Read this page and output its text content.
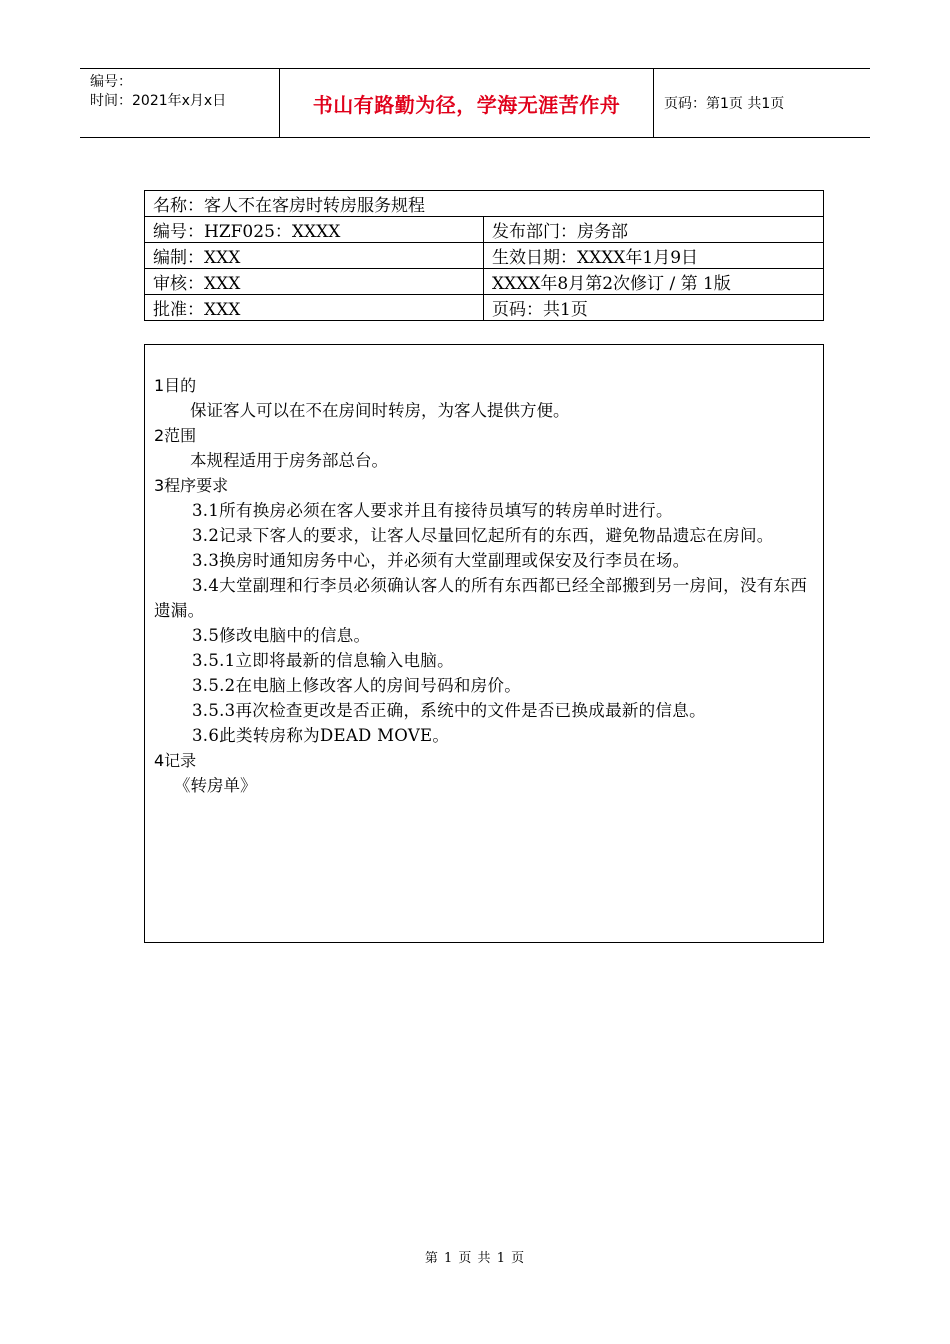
编号：
时间：2021年x月x日	书山有路勤为径，学海无涯苦作舟	页码：第1页 共1页
名称：客人不在客房时转房服务规程	
编号：HZF025：XXXX	发布部门：房务部
编制：XXX	生效日期：XXXX年1月9日
审核：XXX	XXXX年8月第2次修订 / 第 1版
批准：XXX	页码：共1页
1目的
保证客人可以在不在房间时转房，为客人提供方便。
2范围
本规程适用于房务部总台。
3程序要求
3.1所有换房必须在客人要求并且有接待员填写的转房单时进行。
3.2记录下客人的要求，让客人尽量回忆起所有的东西，避免物品遗忘在房间。
3.3换房时通知房务中心，并必须有大堂副理或保安及行李员在场。
3.4大堂副理和行李员必须确认客人的所有东西都已经全部搬到另一房间，没有东西遗漏。
3.5修改电脑中的信息。
3.5.1立即将最新的信息输入电脑。
3.5.2在电脑上修改客人的房间号码和房价。
3.5.3再次检查更改是否正确，系统中的文件是否已换成最新的信息。
3.6此类转房称为DEAD MOVE。
4记录
《转房单》
第 1 页 共 1 页
